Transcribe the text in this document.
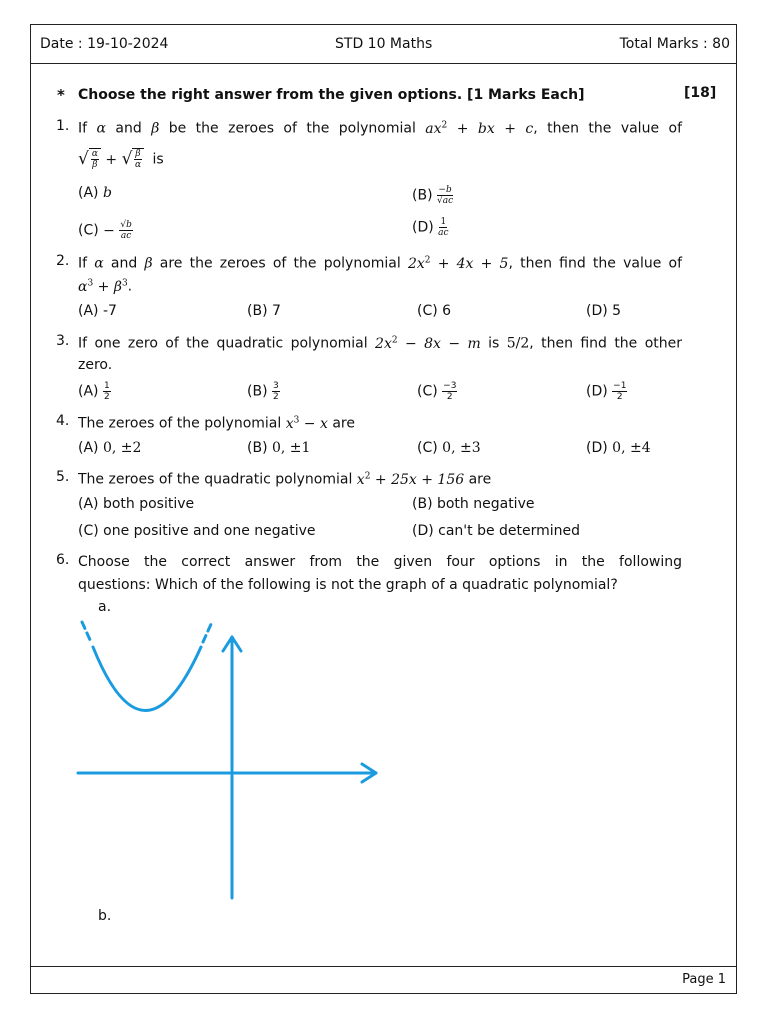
Date : 19-10-2024	STD 10 Maths	Total Marks : 80
Page 1
* Choose the right answer from the given options. [1 Marks Each]	[18]
1. If α and β be the zeroes of the polynomial $ax^2$ + bx + c, then the value of
√ $\frac{\alpha}{\beta}$ + √ $\frac{\beta}{\alpha}$ is
(A) b	$(B) \frac{-b}{√ac}$
$(C) - \frac{√b}{ac}$	$(D) \frac{1}{ac}$
2. If α and β are the zeroes of the polynomial $2x^2 + 4x + 5$, then find the value of
$\alpha^3 + \beta^3$.
(A) -7	(B) 7	(C) 6	(D) 5
3. If one zero of the quadratic polynomial $2x^2 - 8x - m$ is 5/2, then find the other
zero.
$(A) \frac{1}{2}$	$(B) \frac{3}{2}$	$(C) \frac{-3}{2}$	$(D) \frac{-1}{2}$
4. The zeroes of the polynomial $x^3 - x$ are
(A) 0, ±2	(B) 0, ±1	(C) 0, ±3	(D) 0, ±4
5. The zeroes of the quadratic polynomial $x^2 + 25x + 156$ are
(A) both positive	(B) both negative
(C) one positive and one negative	(D) can't be determined
6. Choose the correct answer from the given four options in the following
questions: Which of the following is not the graph of a quadratic polynomial?
a.
b.
